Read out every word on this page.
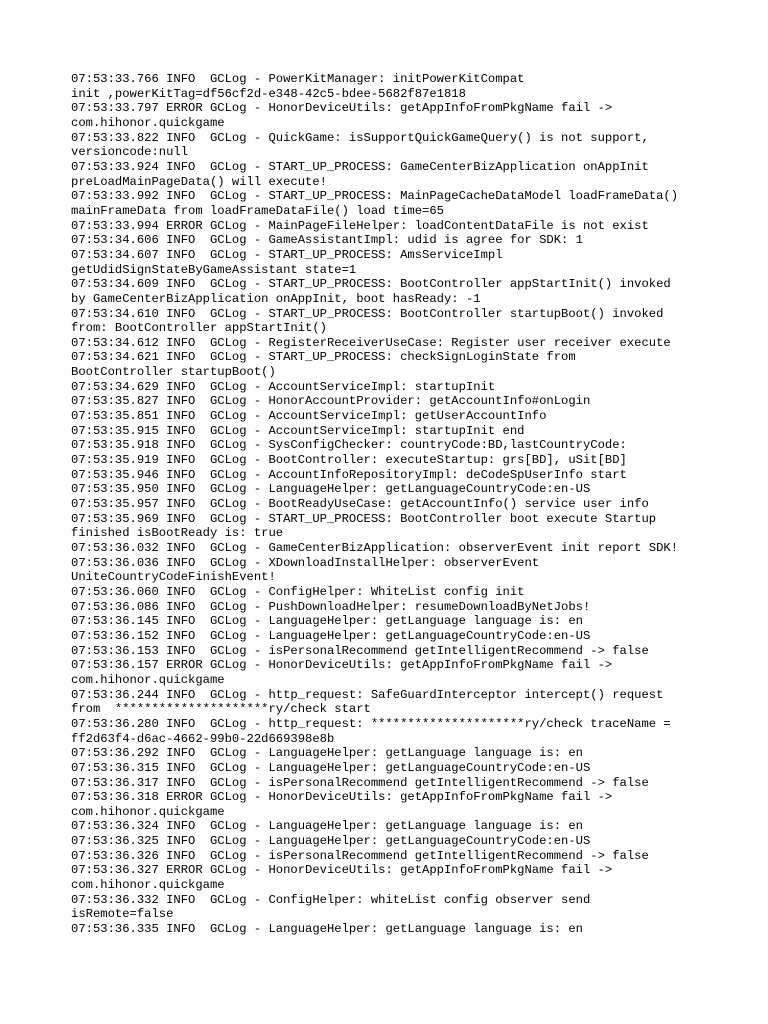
07:53:33.766 INFO  GCLog - PowerKitManager: initPowerKitCompat
init ,powerKitTag=df56cf2d-e348-42c5-bdee-5682f87e1818
07:53:33.797 ERROR GCLog - HonorDeviceUtils: getAppInfoFromPkgName fail ->
com.hihonor.quickgame
07:53:33.822 INFO  GCLog - QuickGame: isSupportQuickGameQuery() is not support,
versioncode:null
07:53:33.924 INFO  GCLog - START_UP_PROCESS: GameCenterBizApplication onAppInit
preLoadMainPageData() will execute!
07:53:33.992 INFO  GCLog - START_UP_PROCESS: MainPageCacheDataModel loadFrameData()
mainFrameData from loadFrameDataFile() load time=65
07:53:33.994 ERROR GCLog - MainPageFileHelper: loadContentDataFile is not exist
07:53:34.606 INFO  GCLog - GameAssistantImpl: udid is agree for SDK: 1
07:53:34.607 INFO  GCLog - START_UP_PROCESS: AmsServiceImpl
getUdidSignStateByGameAssistant state=1
07:53:34.609 INFO  GCLog - START_UP_PROCESS: BootController appStartInit() invoked
by GameCenterBizApplication onAppInit, boot hasReady: -1
07:53:34.610 INFO  GCLog - START_UP_PROCESS: BootController startupBoot() invoked
from: BootController appStartInit()
07:53:34.612 INFO  GCLog - RegisterReceiverUseCase: Register user receiver execute
07:53:34.621 INFO  GCLog - START_UP_PROCESS: checkSignLoginState from
BootController startupBoot()
07:53:34.629 INFO  GCLog - AccountServiceImpl: startupInit
07:53:35.827 INFO  GCLog - HonorAccountProvider: getAccountInfo#onLogin
07:53:35.851 INFO  GCLog - AccountServiceImpl: getUserAccountInfo
07:53:35.915 INFO  GCLog - AccountServiceImpl: startupInit end
07:53:35.918 INFO  GCLog - SysConfigChecker: countryCode:BD,lastCountryCode:
07:53:35.919 INFO  GCLog - BootController: executeStartup: grs[BD], uSit[BD]
07:53:35.946 INFO  GCLog - AccountInfoRepositoryImpl: deCodeSpUserInfo start
07:53:35.950 INFO  GCLog - LanguageHelper: getLanguageCountryCode:en-US
07:53:35.957 INFO  GCLog - BootReadyUseCase: getAccountInfo() service user info
07:53:35.969 INFO  GCLog - START_UP_PROCESS: BootController boot execute Startup
finished isBootReady is: true
07:53:36.032 INFO  GCLog - GameCenterBizApplication: observerEvent init report SDK!
07:53:36.036 INFO  GCLog - XDownloadInstallHelper: observerEvent
UniteCountryCodeFinishEvent!
07:53:36.060 INFO  GCLog - ConfigHelper: WhiteList config init
07:53:36.086 INFO  GCLog - PushDownloadHelper: resumeDownloadByNetJobs!
07:53:36.145 INFO  GCLog - LanguageHelper: getLanguage language is: en
07:53:36.152 INFO  GCLog - LanguageHelper: getLanguageCountryCode:en-US
07:53:36.153 INFO  GCLog - isPersonalRecommend getIntelligentRecommend -> false
07:53:36.157 ERROR GCLog - HonorDeviceUtils: getAppInfoFromPkgName fail ->
com.hihonor.quickgame
07:53:36.244 INFO  GCLog - http_request: SafeGuardInterceptor intercept() request
from  *********************ry/check start
07:53:36.280 INFO  GCLog - http_request: *********************ry/check traceName =
ff2d63f4-d6ac-4662-99b0-22d669398e8b
07:53:36.292 INFO  GCLog - LanguageHelper: getLanguage language is: en
07:53:36.315 INFO  GCLog - LanguageHelper: getLanguageCountryCode:en-US
07:53:36.317 INFO  GCLog - isPersonalRecommend getIntelligentRecommend -> false
07:53:36.318 ERROR GCLog - HonorDeviceUtils: getAppInfoFromPkgName fail ->
com.hihonor.quickgame
07:53:36.324 INFO  GCLog - LanguageHelper: getLanguage language is: en
07:53:36.325 INFO  GCLog - LanguageHelper: getLanguageCountryCode:en-US
07:53:36.326 INFO  GCLog - isPersonalRecommend getIntelligentRecommend -> false
07:53:36.327 ERROR GCLog - HonorDeviceUtils: getAppInfoFromPkgName fail ->
com.hihonor.quickgame
07:53:36.332 INFO  GCLog - ConfigHelper: whiteList config observer send
isRemote=false
07:53:36.335 INFO  GCLog - LanguageHelper: getLanguage language is: en
